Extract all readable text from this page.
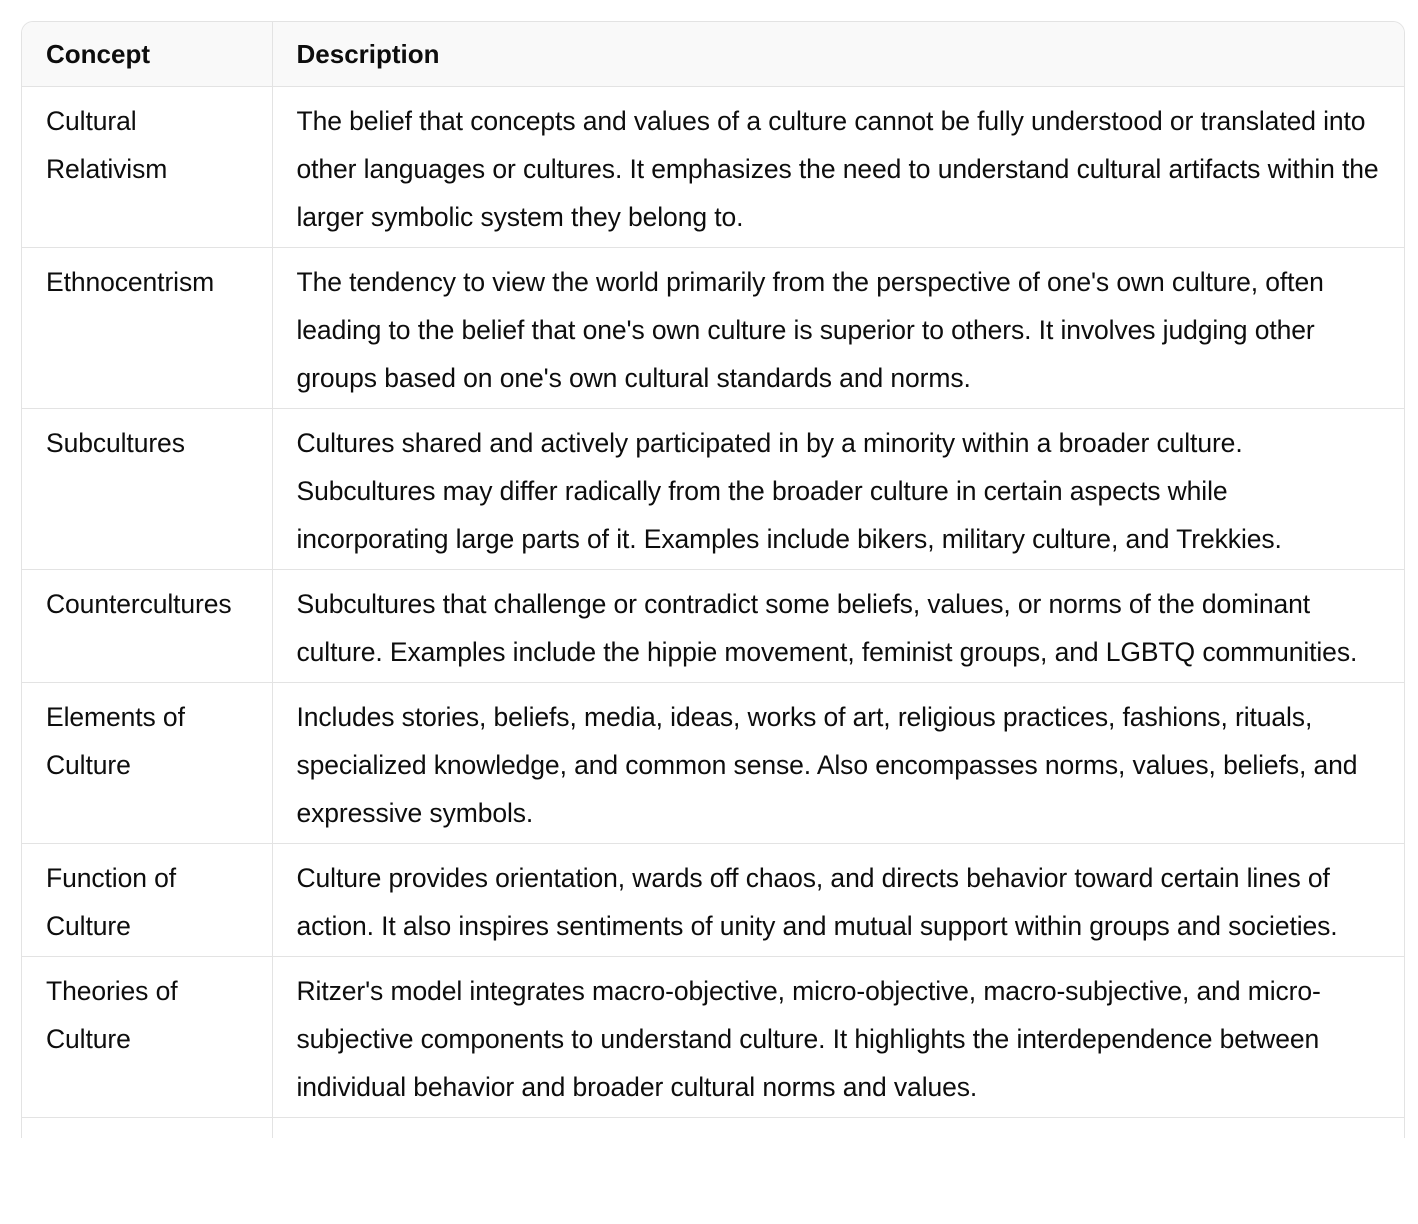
Concept	Description
Cultural Relativism	The belief that concepts and values of a culture cannot be fully understood or translated into other languages or cultures. It emphasizes the need to understand cultural artifacts within the larger symbolic system they belong to.
Ethnocentrism	The tendency to view the world primarily from the perspective of one's own culture, often leading to the belief that one's own culture is superior to others. It involves judging other groups based on one's own cultural standards and norms.
Subcultures	Cultures shared and actively participated in by a minority within a broader culture. Subcultures may differ radically from the broader culture in certain aspects while incorporating large parts of it. Examples include bikers, military culture, and Trekkies.
Countercultures	Subcultures that challenge or contradict some beliefs, values, or norms of the dominant culture. Examples include the hippie movement, feminist groups, and LGBTQ communities.
Elements of Culture	Includes stories, beliefs, media, ideas, works of art, religious practices, fashions, rituals, specialized knowledge, and common sense. Also encompasses norms, values, beliefs, and expressive symbols.
Function of Culture	Culture provides orientation, wards off chaos, and directs behavior toward certain lines of action. It also inspires sentiments of unity and mutual support within groups and societies.
Theories of Culture	Ritzer's model integrates macro-objective, micro-objective, macro-subjective, and micro-subjective components to understand culture. It highlights the interdependence between individual behavior and broader cultural norms and values.
